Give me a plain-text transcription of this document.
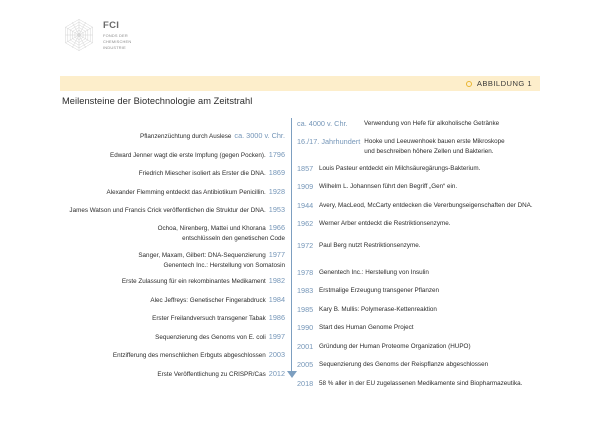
FCI
FONDS DER
CHEMISCHEN
INDUSTRIE
ABBILDUNG 1
Meilensteine der Biotechnologie am Zeitstrahl
Pflanzenzüchtung durch Auslese ca. 3000 v. Chr.
Edward Jenner wagt die erste Impfung (gegen Pocken). 1796
Friedrich Miescher isoliert als Erster die DNA. 1869
Alexander Flemming entdeckt das Antibiotikum Penicillin. 1928
James Watson und Francis Crick veröffentlichen die Struktur der DNA. 1953
Ochoa, Nirenberg, Mattei und Khorana 1966
entschlüsseln den genetischen Code
Sanger, Maxam, Gilbert: DNA-Sequenzierung 1977
Genentech Inc.: Herstellung von Somatosin
Erste Zulassung für ein rekombinantes Medikament 1982
Alec Jeffreys: Genetischer Fingerabdruck 1984
Erster Freilandversuch transgener Tabak 1986
Sequenzierung des Genoms von E. coli 1997
Entzifferung des menschlichen Erbguts abgeschlossen 2003
Erste Veröffentlichung zu CRISPR/Cas 2012
ca. 4000 v. Chr.	Verwendung von Hefe für alkoholische Getränke
16./17. Jahrhundert Hooke und Leeuwenhoek bauen erste Mikroskope
und beschreiben höhere Zellen und Bakterien.
1857 Louis Pasteur entdeckt ein Milchsäuregärungs-Bakterium.
1909 Wilhelm L. Johannsen führt den Begriff „Gen“ ein.
1944 Avery, MacLeod, McCarty entdecken die Vererbungseigenschaften der DNA.
1962 Werner Arber entdeckt die Restriktionsenzyme.
1972 Paul Berg nutzt Restriktionsenzyme.
1978 Genentech Inc.: Herstellung von Insulin
1983 Erstmalige Erzeugung transgener Pflanzen
1985 Kary B. Mullis: Polymerase-Kettenreaktion
1990 Start des Human Genome Project
2001 Gründung der Human Proteome Organization (HUPO)
2005 Sequenzierung des Genoms der Reispflanze abgeschlossen
2018 58 % aller in der EU zugelassenen Medikamente sind Biopharmazeutika.
